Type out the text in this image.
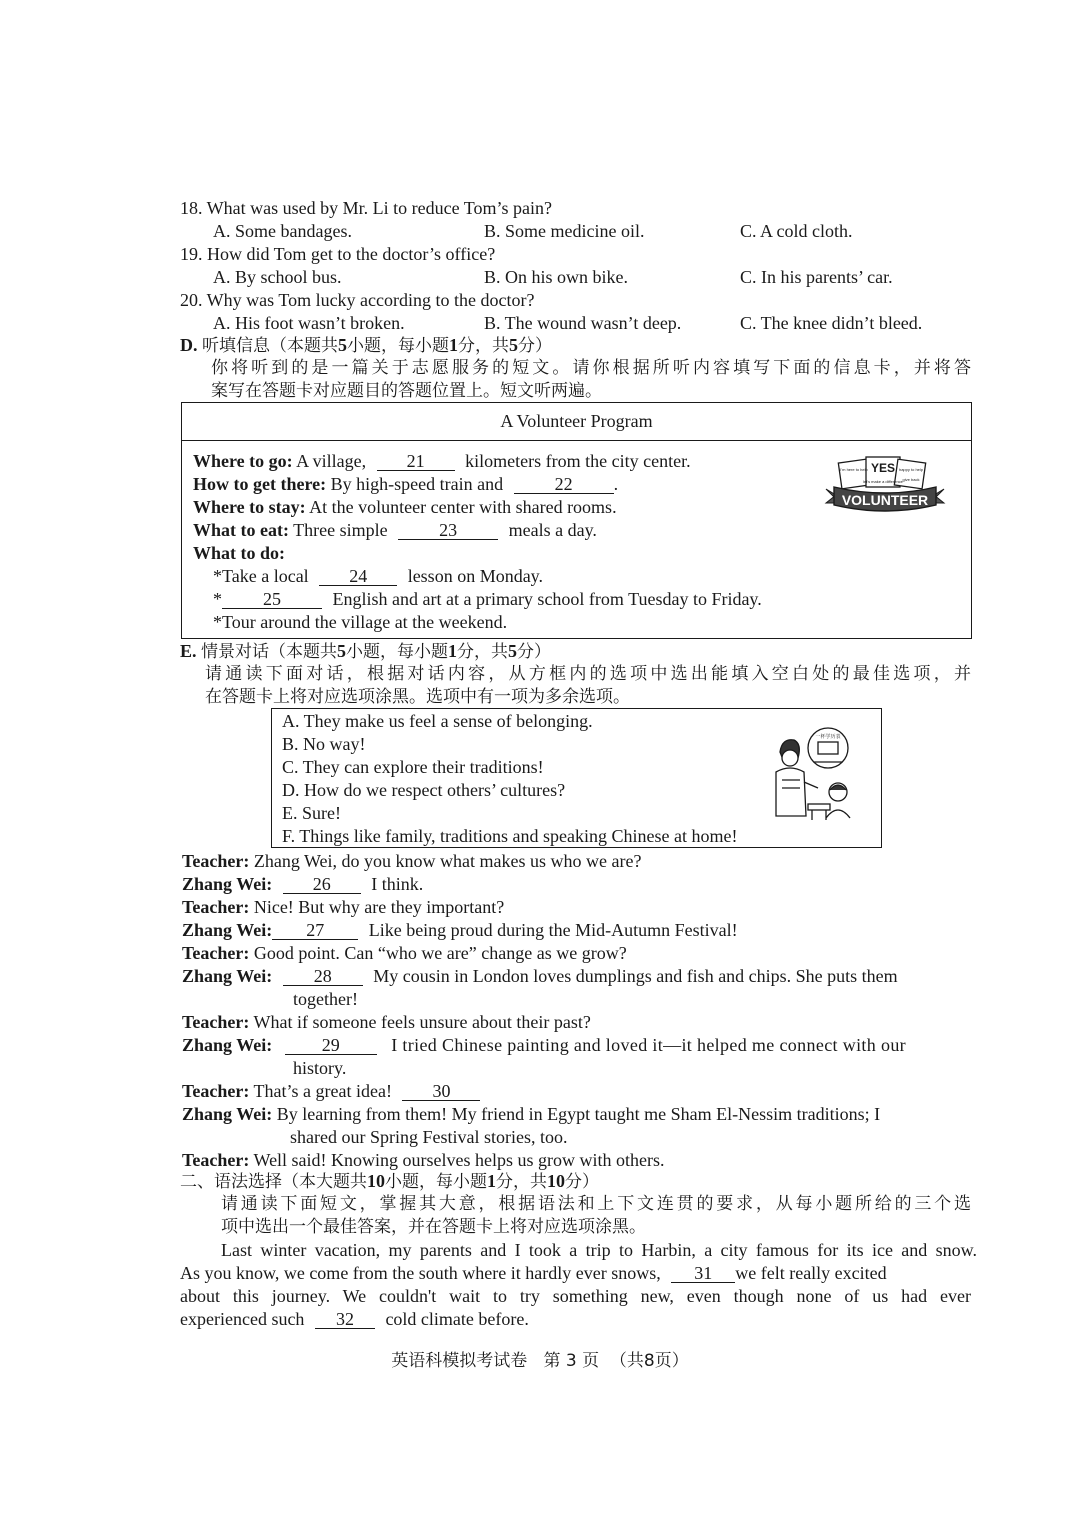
18. What was used by Mr. Li to reduce Tom’s pain?
A. Some bandages.	B. Some medicine oil.	C. A cold cloth.
19. How did Tom get to the doctor’s office?
A. By school bus.	B. On his own bike.	C. In his parents’ car.
20. Why was Tom lucky according to the doctor?
A. His foot wasn’t broken.	B. The wound wasn’t deep.	C. The knee didn’t bleed.
D. 听填信息（本题共5小题，每小题1分，共5分）
你将听到的是一篇关于志愿服务的短文。请你根据所听内容填写下面的信息卡，并将答
案写在答题卡对应题目的答题位置上。短文听两遍。
A Volunteer Program
Where to go: A village, 21 kilometers from the city center.
How to get there: By high-speed train and	22 .
Where to stay: At the volunteer center with shared rooms.
What to eat: Three simple	23	meals a day.
What to do:
*Take a local 24 lesson on Monday.
* 25	English and art at a primary school from Tuesday to Friday.
*Tour around the village at the weekend.
YES
I'm here to help	happy to help
let's make a difference give back
VOLUNTEER
E. 情景对话（本题共5小题，每小题1分，共5分）
请通读下面对话，根据对话内容，从方框内的选项中选出能填入空白处的最佳选项，并
在答题卡上将对应选项涂黑。选项中有一项为多余选项。
A. They make us feel a sense of belonging.
B. No way!
C. They can explore their traditions!
D. How do we respect others’ cultures?
E. Sure!
F. Things like family, traditions and speaking Chinese at home!
一杯学历表
Teacher: Zhang Wei, do you know what makes us who we are?
Zhang Wei: 26 I think.
Teacher: Nice! But why are they important?
Zhang Wei: 27 Like being proud during the Mid-Autumn Festival!
Teacher: Good point. Can “who we are” change as we grow?
Zhang Wei: 28 My cousin in London loves dumplings and fish and chips. She puts them
together!
Teacher: What if someone feels unsure about their past?
Zhang Wei:	29	I tried Chinese painting and loved it—it helped me connect with our
history.
Teacher: That’s a great idea! 30
Zhang Wei: By learning from them! My friend in Egypt taught me Sham El-Nessim traditions; I
shared our Spring Festival stories, too.
Teacher: Well said! Knowing ourselves helps us grow with others.
二、语法选择（本大题共10小题，每小题1分，共10分）
请通读下面短文，掌握其大意，根据语法和上下文连贯的要求，从每小题所给的三个选
项中选出一个最佳答案，并在答题卡上将对应选项涂黑。
Last winter vacation, my parents and I took a trip to Harbin, a city famous for its ice and snow.
As you know, we come from the south where it hardly ever snows, 31 we felt really excited
about this journey. We couldn't wait to try something new, even though none of us had ever
experienced such 32 cold climate before.
英语科模拟考试卷   第 3 页  （共8页）
